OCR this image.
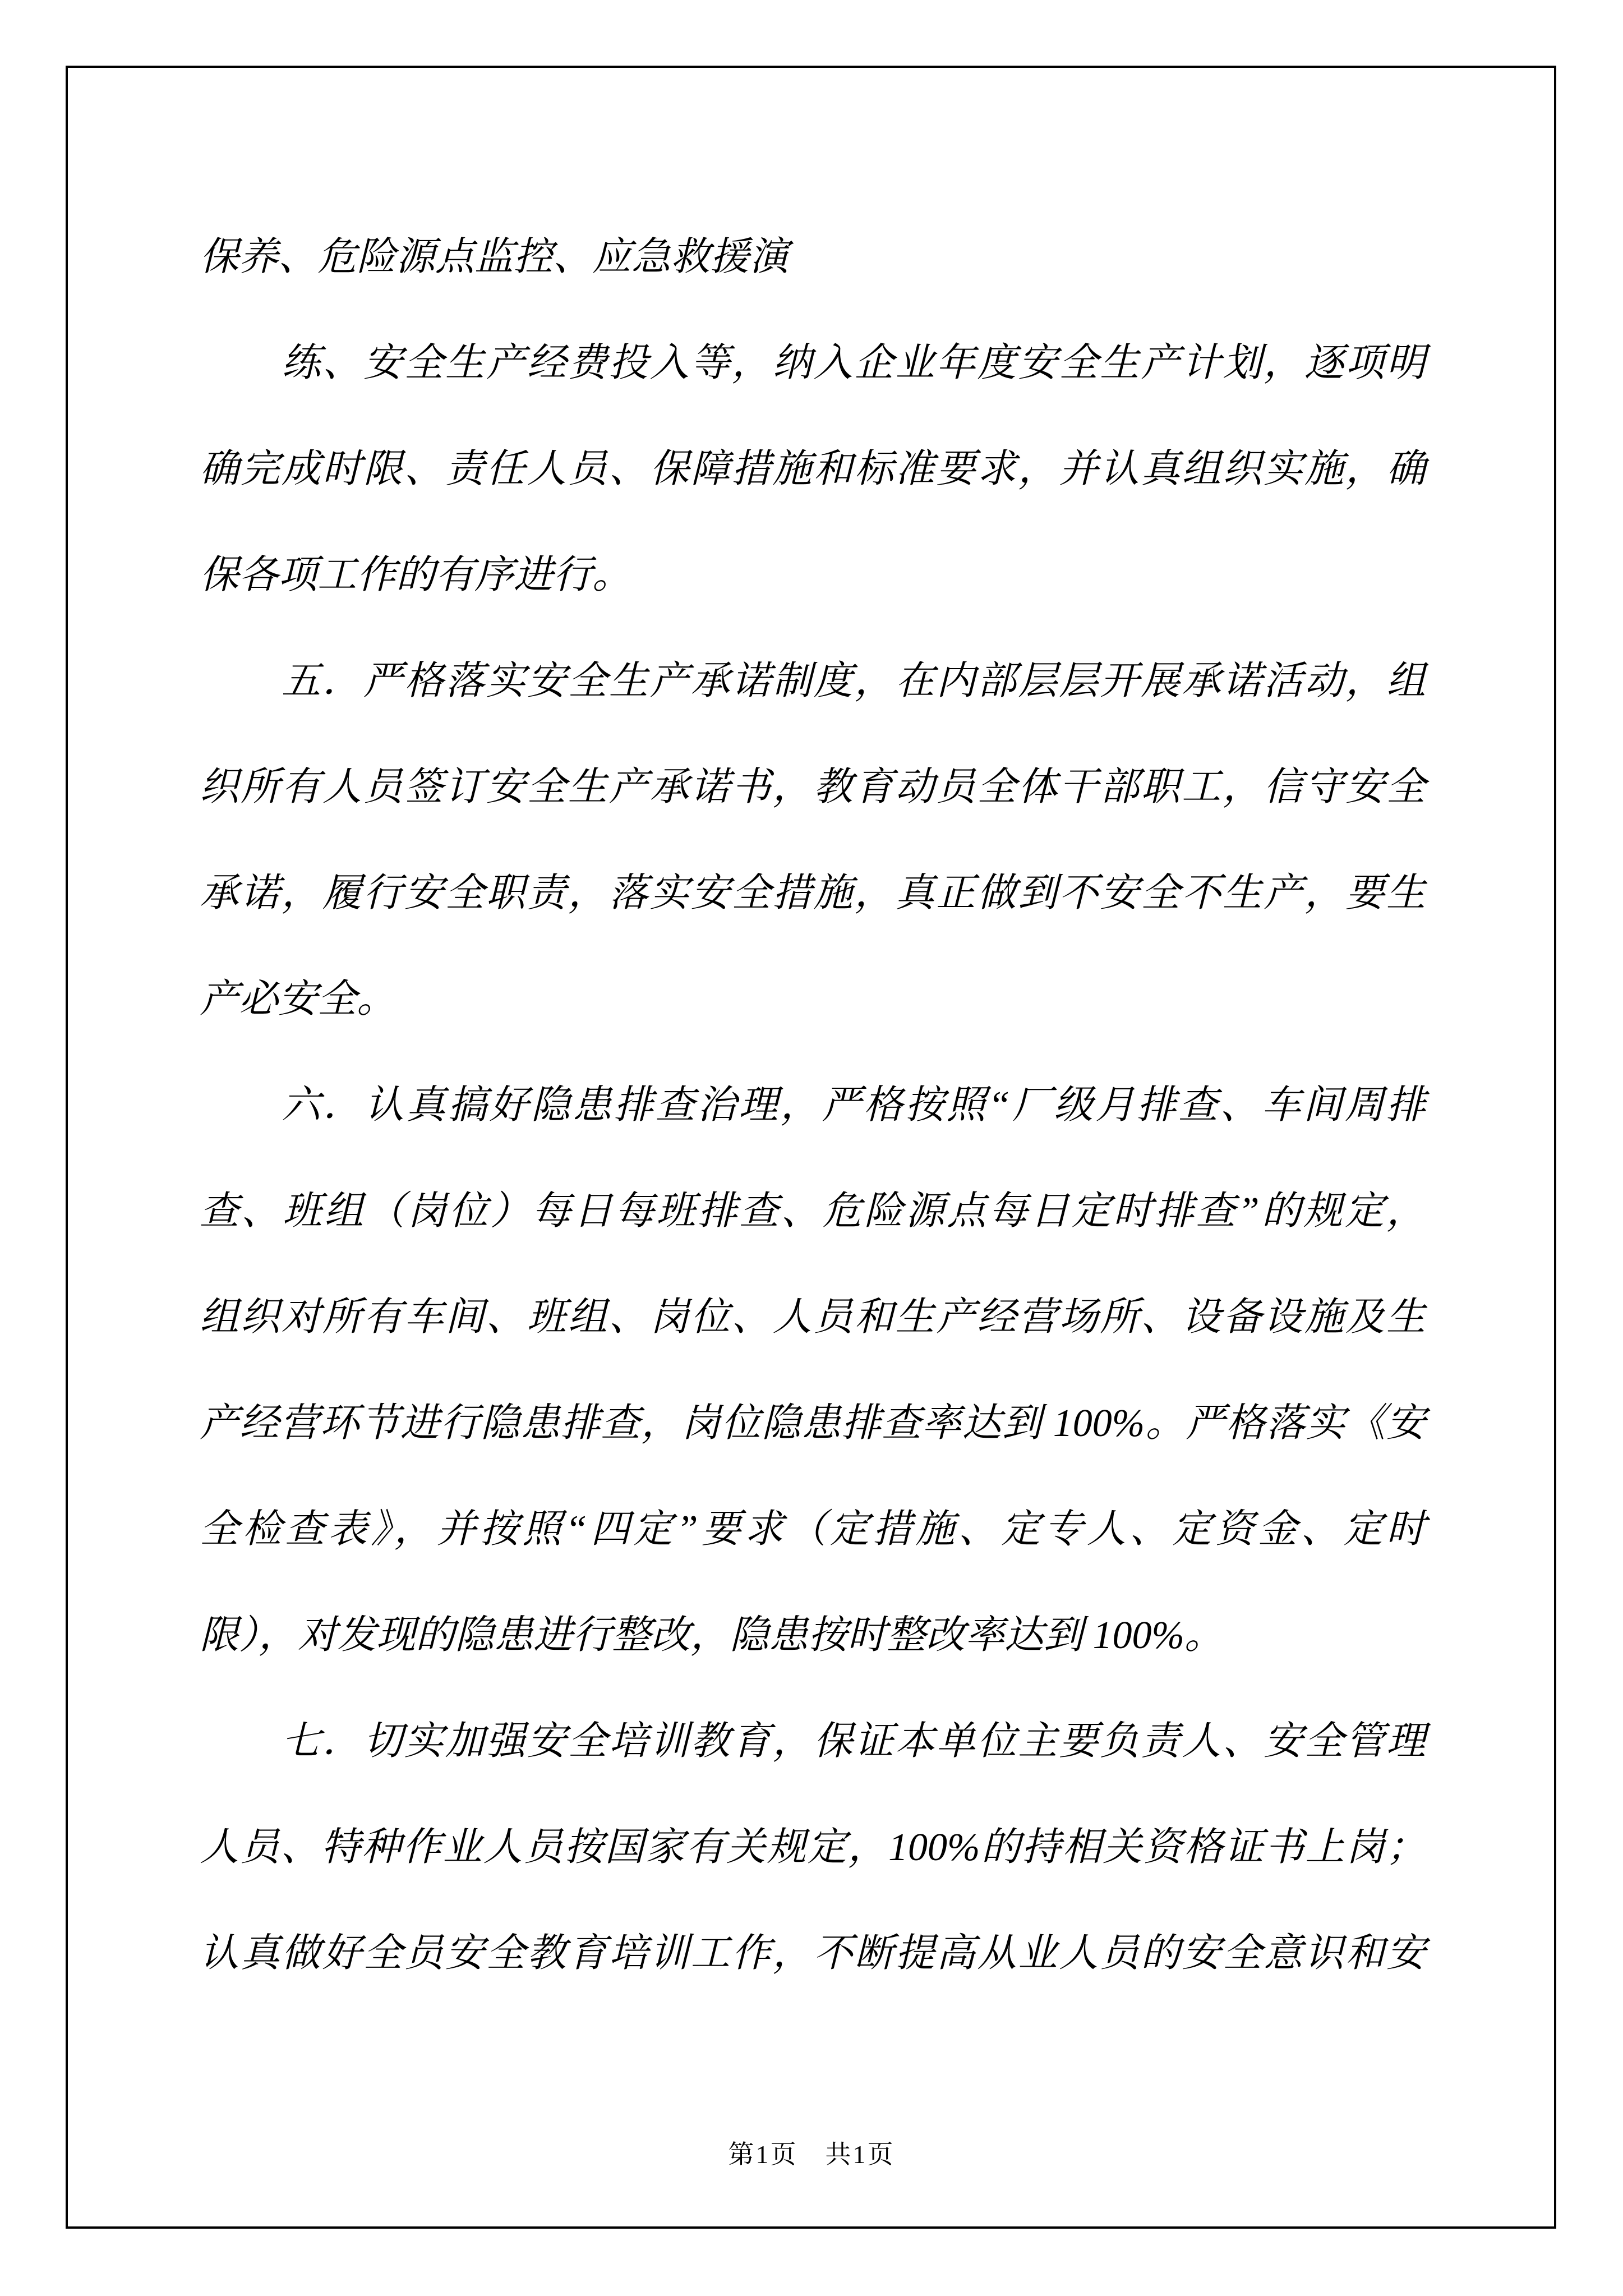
保养、危险源点监控、应急救援演
练、安全生产经费投入等，纳入企业年度安全生产计划，逐项明
确完成时限、责任人员、保障措施和标准要求，并认真组织实施，确
保各项工作的有序进行。
五．严格落实安全生产承诺制度，在内部层层开展承诺活动，组
织所有人员签订安全生产承诺书，教育动员全体干部职工，信守安全
承诺，履行安全职责，落实安全措施，真正做到不安全不生产，要生
产必安全。
六．认真搞好隐患排查治理，严格按照“厂级月排查、车间周排
查、班组（岗位）每日每班排查、危险源点每日定时排查”的规定，
组织对所有车间、班组、岗位、人员和生产经营场所、设备设施及生
产经营环节进行隐患排查，岗位隐患排查率达到 100%。严格落实《安
全检查表》，并按照“四定”要求（定措施、定专人、定资金、定时
限），对发现的隐患进行整改，隐患按时整改率达到 100%。
七．切实加强安全培训教育，保证本单位主要负责人、安全管理
人员、特种作业人员按国家有关规定，100%的持相关资格证书上岗；
认真做好全员安全教育培训工作，不断提高从业人员的安全意识和安
第1页　共1页
